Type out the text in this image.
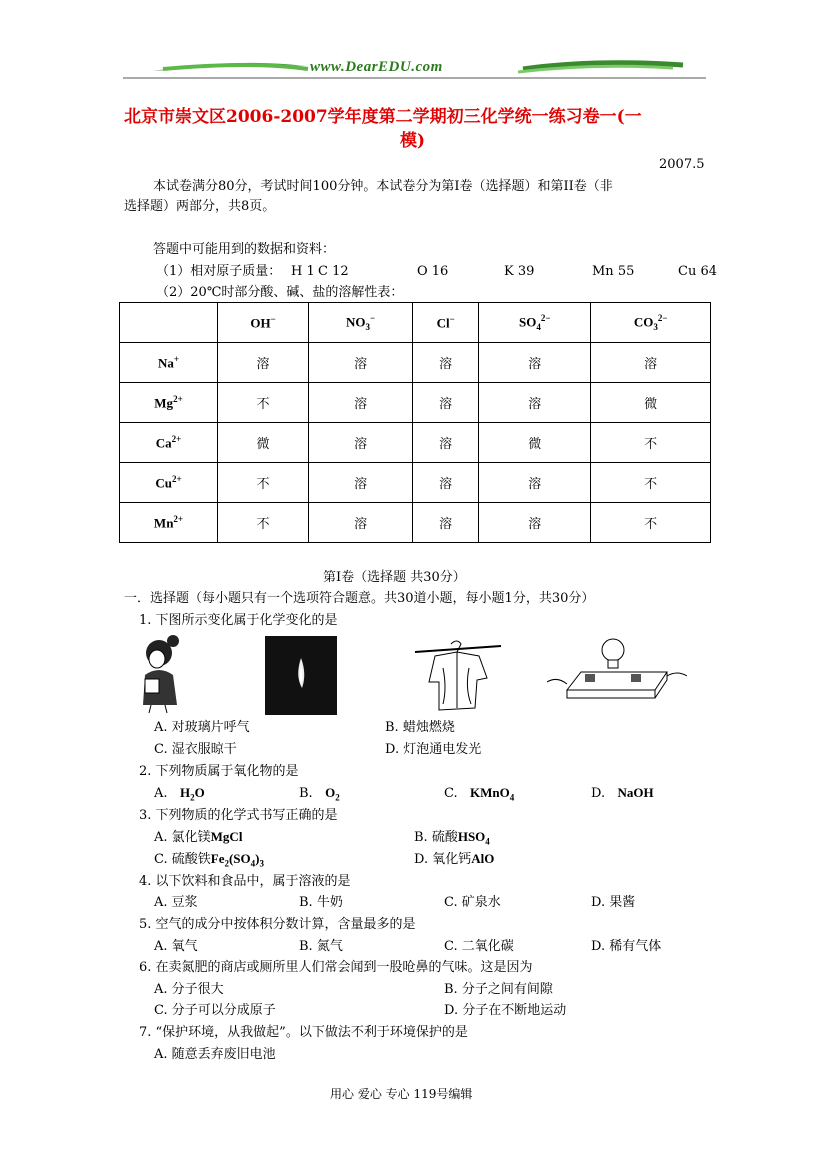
www.DearEDU.com
北京市崇文区2006-2007学年度第二学期初三化学统一练习卷一(一
模)
2007.5
本试卷满分80分，考试时间100分钟。本试卷分为第I卷（选择题）和第II卷（非
选择题）两部分，共8页。
答题中可能用到的数据和资料：
（1）相对原子质量： H 1 C 12	O 16	K 39	Mn 55	Cu 64
（2）20℃时部分酸、碱、盐的溶解性表：
	OH−	$NO_3^-$	Cl−	$SO_4^{2-}$	$CO_3^{2-}$
Na+	溶	溶	溶	溶	溶
$Mg^{2+}$	不	溶	溶	溶	微
$Ca^{2+}$	微	溶	溶	微	不
$Cu^{2+}$	不	溶	溶	溶	不
$Mn^{2+}$	不	溶	溶	溶	不
第I卷（选择题 共30分）
一．选择题（每小题只有一个选项符合题意。共30道小题，每小题1分，共30分）
1. 下图所示变化属于化学变化的是
A. 对玻璃片呼气	B. 蜡烛燃烧
C. 湿衣服晾干	D. 灯泡通电发光
2. 下列物质属于氧化物的是
A. $H_2O$	B. $O_2$	C. KMnO$_4$	D. NaOH
3. 下列物质的化学式书写正确的是
A. 氯化镁MgCl	B. 硫酸$HSO_4$
C. 硫酸铁$Fe_2(SO_4)_3$	D. 氧化钙AlO
4. 以下饮料和食品中，属于溶液的是
A. 豆浆	B. 牛奶	C. 矿泉水	D. 果酱
5. 空气的成分中按体积分数计算，含量最多的是
A. 氧气	B. 氮气	C. 二氧化碳	D. 稀有气体
6. 在卖氮肥的商店或厕所里人们常会闻到一股呛鼻的气味。这是因为
A. 分子很大	B. 分子之间有间隙
C. 分子可以分成原子	D. 分子在不断地运动
7. “保护环境，从我做起”。以下做法不利于环境保护的是
A. 随意丢弃废旧电池
用心 爱心 专心 119号编辑
